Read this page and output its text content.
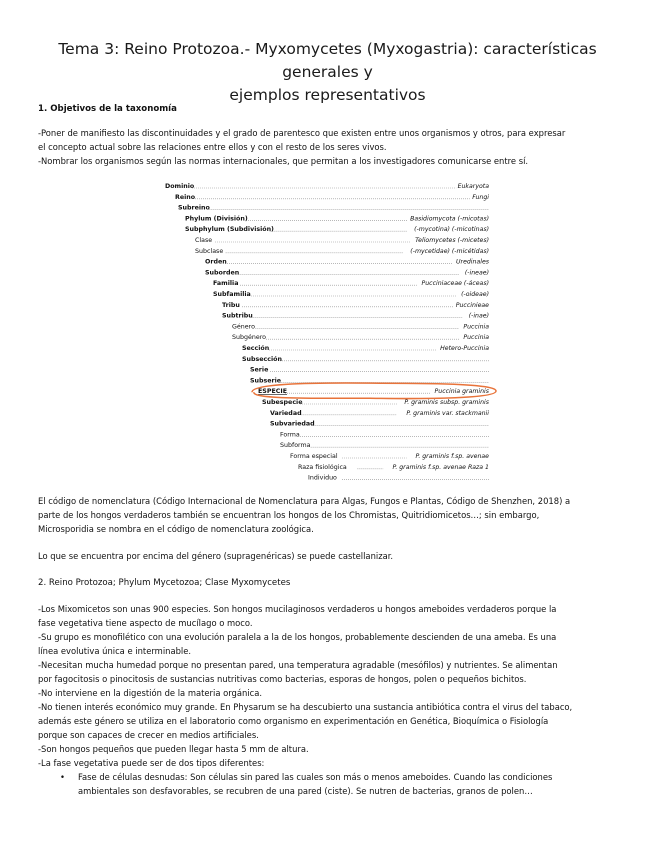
Tema 3: Reino Protozoa.- Myxomycetes (Myxogastria): características generales y
ejemplos representativos
1. Objetivos de la taxonomía
-Poner de manifiesto las discontinuidades y el grado de parentesco que existen entre unos organismos y otros, para expresar
el concepto actual sobre las relaciones entre ellos y con el resto de los seres vivos.
-Nombrar los organismos según las normas internacionales, que permitan a los investigadores comunicarse entre sí.
Dominio	Eukaryota
Reino	Fungi
Subreino
Phylum (División)	Basidiomycota (-micotas)
Subphylum (Subdivisión)	(-mycotina) (-micotinas)
Clase	Teliomycetes (-micetes)
Subclase	(-mycetidae) (-micétidas)
Orden	Uredinales
Suborden	(-ineae)
Familia	Pucciniaceae (-áceas)
Subfamilia	(-oideae)
Tribu	Puccinieae
Subtribu	(-inae)
Género	Puccinia
Subgénero	Puccinia
Sección	Hetero-Puccinia
Subsección
Serie
Subserie
ESPECIE	Puccinia graminis
Subespecie	P. graminis subsp. graminis
Variedad	P. graminis var. stackmanii
Subvariedad
Forma
Subforma
Forma especial	P. graminis f.sp. avenae
Raza fisiológica	P. graminis f.sp. avenae Raza 1
Individuo
El código de nomenclatura (Código Internacional de Nomenclatura para Algas, Fungos e Plantas, Código de Shenzhen, 2018) a
parte de los hongos verdaderos también se encuentran los hongos de los Chromistas, Quitridiomicetos…; sin embargo,
Microsporidia se nombra en el código de nomenclatura zoológica.
Lo que se encuentra por encima del género (supragenéricas) se puede castellanizar.
2. Reino Protozoa; Phylum Mycetozoa; Clase Myxomycetes
-Los Mixomicetos son unas 900 especies. Son hongos mucilaginosos verdaderos u hongos ameboides verdaderos porque la
fase vegetativa tiene aspecto de mucílago o moco.
-Su grupo es monofilético con una evolución paralela a la de los hongos, probablemente descienden de una ameba. Es una
línea evolutiva única e interminable.
-Necesitan mucha humedad porque no presentan pared, una temperatura agradable (mesófilos) y nutrientes. Se alimentan
por fagocitosis o pinocitosis de sustancias nutritivas como bacterias, esporas de hongos, polen o pequeños bichitos.
-No interviene en la digestión de la materia orgánica.
-No tienen interés económico muy grande. En Physarum se ha descubierto una sustancia antibiótica contra el virus del tabaco,
además este género se utiliza en el laboratorio como organismo en experimentación en Genética, Bioquímica o Fisiología
porque son capaces de crecer en medios artificiales.
-Son hongos pequeños que pueden llegar hasta 5 mm de altura.
-La fase vegetativa puede ser de dos tipos diferentes:
• Fase de células desnudas: Son células sin pared las cuales son más o menos ameboides. Cuando las condiciones
ambientales son desfavorables, se recubren de una pared (ciste). Se nutren de bacterias, granos de polen…
